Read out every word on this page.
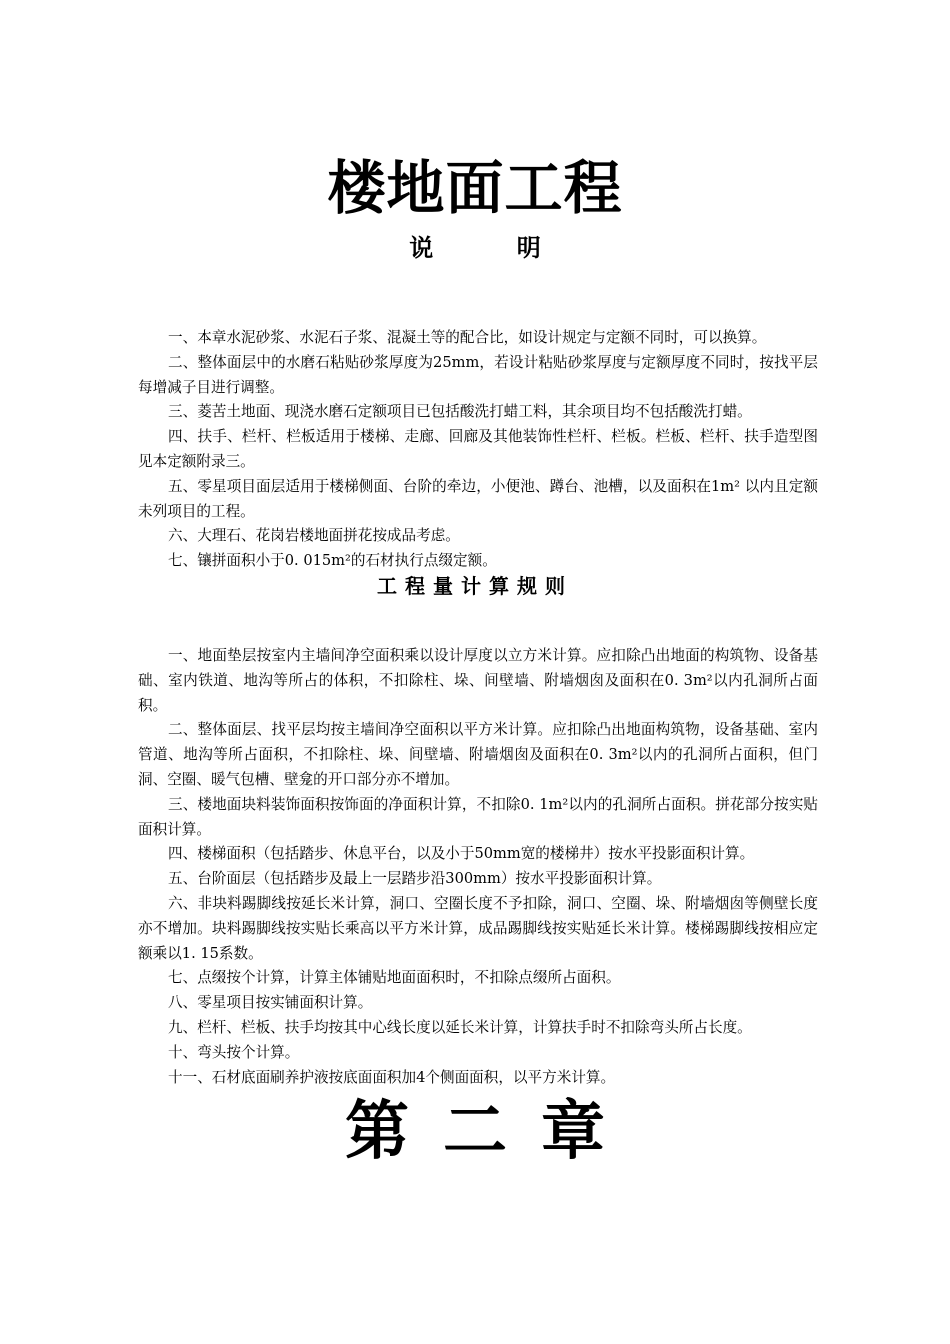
楼地面工程
说          明

一、本章水泥砂浆、水泥石子浆、混凝土等的配合比，如设计规定与定额不同时，可以换算。

二、整体面层中的水磨石粘贴砂浆厚度为25mm，若设计粘贴砂浆厚度与定额厚度不同时，按找平层每增减子目进行调整。

三、菱苦土地面、现浇水磨石定额项目已包括酸洗打蜡工料，其余项目均不包括酸洗打蜡。

四、扶手、栏杆、栏板适用于楼梯、走廊、回廊及其他装饰性栏杆、栏板。栏板、栏杆、扶手造型图见本定额附录三。

五、零星项目面层适用于楼梯侧面、台阶的牵边，小便池、蹲台、池槽，以及面积在1m² 以内且定额未列项目的工程。

六、大理石、花岗岩楼地面拼花按成品考虑。

七、镶拼面积小于0. 015m²的石材执行点缀定额。

工程量计算规则

一、地面垫层按室内主墙间净空面积乘以设计厚度以立方米计算。应扣除凸出地面的构筑物、设备基础、室内铁道、地沟等所占的体积，不扣除柱、垛、间壁墙、附墙烟囱及面积在0. 3m²以内孔洞所占面积。

二、整体面层、找平层均按主墙间净空面积以平方米计算。应扣除凸出地面构筑物，设备基础、室内管道、地沟等所占面积，不扣除柱、垛、间壁墙、附墙烟囱及面积在0. 3m²以内的孔洞所占面积，但门洞、空圈、暖气包槽、壁龛的开口部分亦不增加。

三、楼地面块料装饰面积按饰面的净面积计算，不扣除0. 1m²以内的孔洞所占面积。拼花部分按实贴面积计算。

四、楼梯面积（包括踏步、休息平台，以及小于50mm宽的楼梯井）按水平投影面积计算。

五、台阶面层（包括踏步及最上一层踏步沿300mm）按水平投影面积计算。

六、非块料踢脚线按延长米计算，洞口、空圈长度不予扣除，洞口、空圈、垛、附墙烟囱等侧壁长度亦不增加。块料踢脚线按实贴长乘高以平方米计算，成品踢脚线按实贴延长米计算。楼梯踢脚线按相应定额乘以1. 15系数。

七、点缀按个计算，计算主体铺贴地面面积时，不扣除点缀所占面积。

八、零星项目按实铺面积计算。

九、栏杆、栏板、扶手均按其中心线长度以延长米计算，计算扶手时不扣除弯头所占长度。

十、弯头按个计算。

十一、石材底面刷养护液按底面面积加4个侧面面积，以平方米计算。

第二章
